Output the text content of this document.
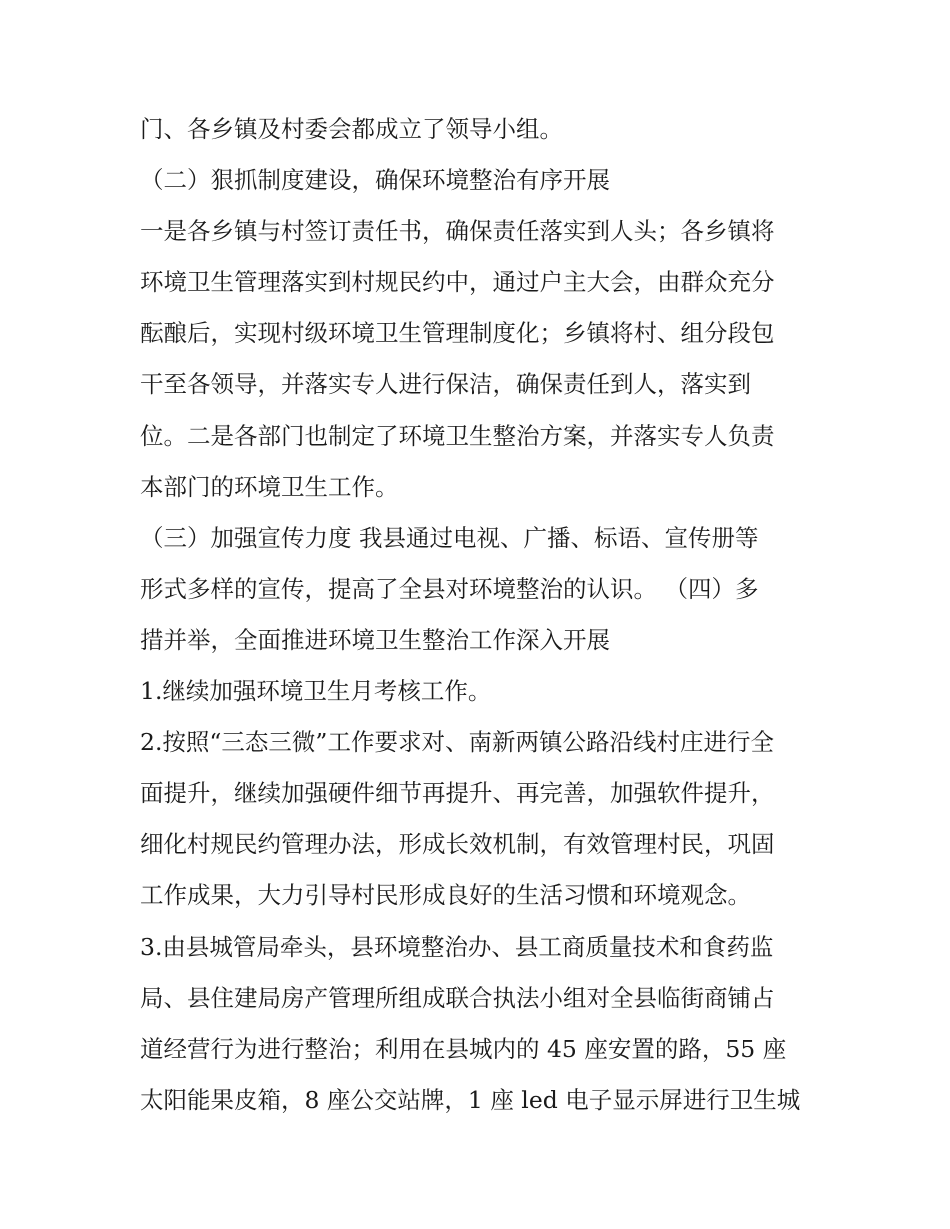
门、各乡镇及村委会都成立了领导小组。
（二）狠抓制度建设，确保环境整治有序开展
一是各乡镇与村签订责任书，确保责任落实到人头；各乡镇将
环境卫生管理落实到村规民约中，通过户主大会，由群众充分
酝酿后，实现村级环境卫生管理制度化；乡镇将村、组分段包
干至各领导，并落实专人进行保洁，确保责任到人，落实到
位。二是各部门也制定了环境卫生整治方案，并落实专人负责
本部门的环境卫生工作。
（三）加强宣传力度 我县通过电视、广播、标语、宣传册等
形式多样的宣传，提高了全县对环境整治的认识。 （四）多
措并举，全面推进环境卫生整治工作深入开展
1.继续加强环境卫生月考核工作。
2.按照“三态三微”工作要求对、南新两镇公路沿线村庄进行全
面提升，继续加强硬件细节再提升、再完善，加强软件提升，
细化村规民约管理办法，形成长效机制，有效管理村民，巩固
工作成果，大力引导村民形成良好的生活习惯和环境观念。
3.由县城管局牵头，县环境整治办、县工商质量技术和食药监
局、县住建局房产管理所组成联合执法小组对全县临街商铺占
道经营行为进行整治；利用在县城内的 45 座安置的路，55 座
太阳能果皮箱，8 座公交站牌，1 座 led 电子显示屏进行卫生城
